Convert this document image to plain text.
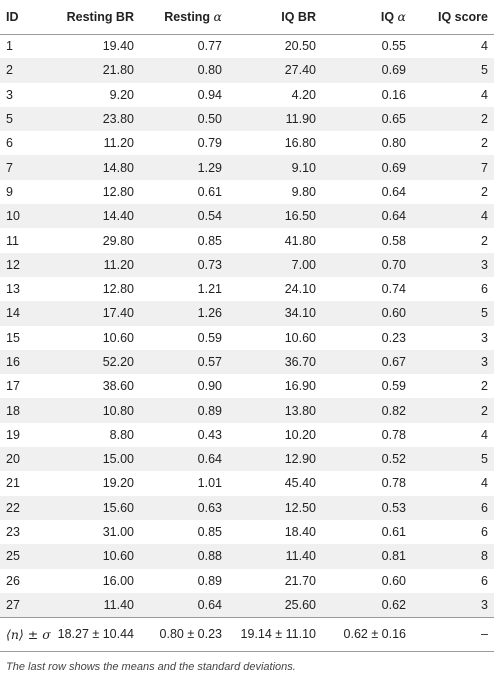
ID	Resting BR	Resting α	IQ BR	IQ α	IQ score
1	19.40	0.77	20.50	0.55	4
2	21.80	0.80	27.40	0.69	5
3	9.20	0.94	4.20	0.16	4
5	23.80	0.50	11.90	0.65	2
6	11.20	0.79	16.80	0.80	2
7	14.80	1.29	9.10	0.69	7
9	12.80	0.61	9.80	0.64	2
10	14.40	0.54	16.50	0.64	4
11	29.80	0.85	41.80	0.58	2
12	11.20	0.73	7.00	0.70	3
13	12.80	1.21	24.10	0.74	6
14	17.40	1.26	34.10	0.60	5
15	10.60	0.59	10.60	0.23	3
16	52.20	0.57	36.70	0.67	3
17	38.60	0.90	16.90	0.59	2
18	10.80	0.89	13.80	0.82	2
19	8.80	0.43	10.20	0.78	4
20	15.00	0.64	12.90	0.52	5
21	19.20	1.01	45.40	0.78	4
22	15.60	0.63	12.50	0.53	6
23	31.00	0.85	18.40	0.61	6
25	10.60	0.88	11.40	0.81	8
26	16.00	0.89	21.70	0.60	6
27	11.40	0.64	25.60	0.62	3
⟨n⟩ ± σ	18.27 ± 10.44	0.80 ± 0.23	19.14 ± 11.10	0.62 ± 0.16	–
The last row shows the means and the standard deviations.
